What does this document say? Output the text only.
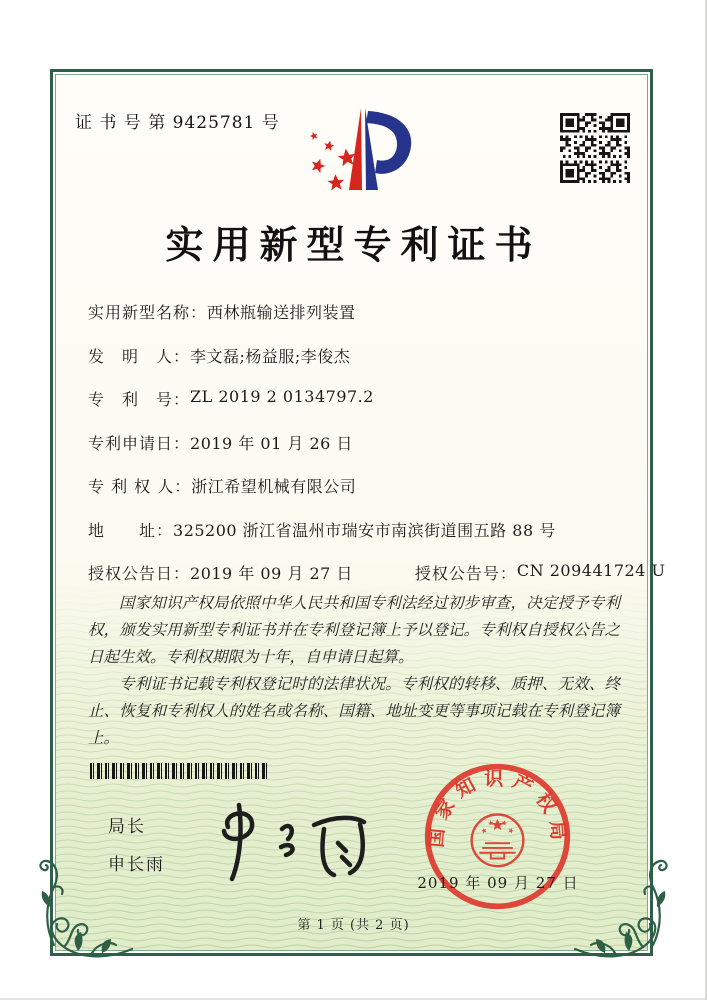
证 书 号 第 9425781 号
实用新型专利证书
实用新型名称： 西林瓶输送排列装置
发　明　人： 李文磊;杨益服;李俊杰
专　利　号： ZL 2019 2 0134797.2
专利申请日： 2019 年 01 月 26 日
专 利 权 人： 浙江希望机械有限公司
地　　址： 325200 浙江省温州市瑞安市南滨街道围五路 88 号
授权公告日： 2019 年 09 月 27 日	授权公告号： CN 209441724 U

国家知识产权局依照中华人民共和国专利法经过初步审查，决定授予专利权，颁发实用新型专利证书并在专利登记簿上予以登记。专利权自授权公告之日起生效。专利权期限为十年，自申请日起算。

专利证书记载专利权登记时的法律状况。专利权的转移、质押、无效、终止、恢复和专利权人的姓名或名称、国籍、地址变更等事项记载在专利登记簿上。

局长
申长雨
国家知识产权局
2019 年 09 月 27 日
第 1 页 (共 2 页)
